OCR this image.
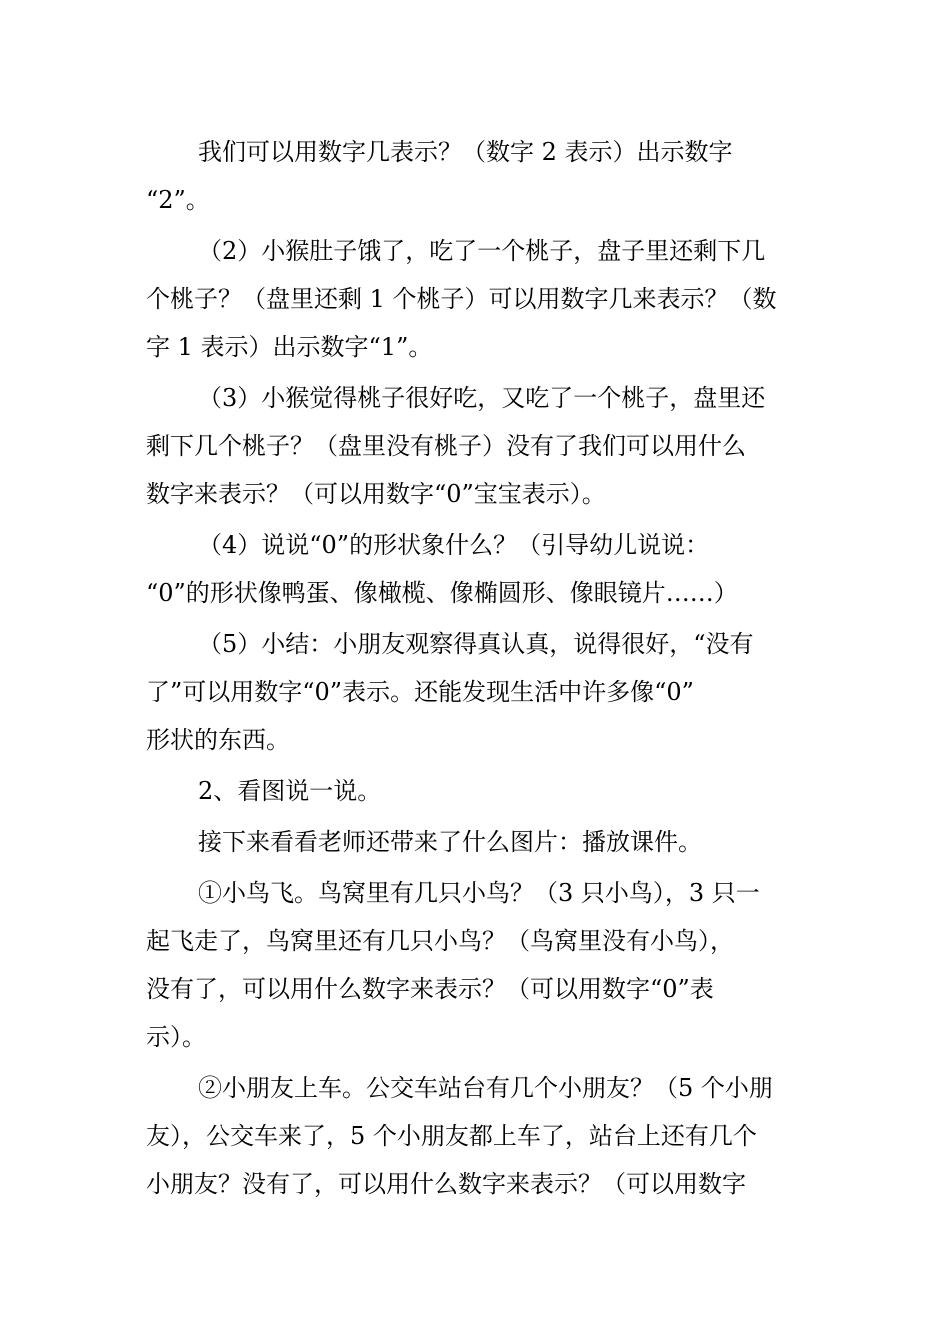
我们可以用数字几表示？（数字 2 表示）出示数字
“2”。

（2）小猴肚子饿了，吃了一个桃子，盘子里还剩下几
个桃子？（盘里还剩 1 个桃子）可以用数字几来表示？（数
字 1 表示）出示数字“1”。

（3）小猴觉得桃子很好吃，又吃了一个桃子，盘里还
剩下几个桃子？（盘里没有桃子）没有了我们可以用什么
数字来表示？（可以用数字“0”宝宝表示）。

（4）说说“0”的形状象什么？（引导幼儿说说：
“0”的形状像鸭蛋、像橄榄、像椭圆形、像眼镜片……）

（5）小结：小朋友观察得真认真，说得很好，“没有
了”可以用数字“0”表示。还能发现生活中许多像“0”
形状的东西。

2、看图说一说。

接下来看看老师还带来了什么图片：播放课件。

①小鸟飞。鸟窝里有几只小鸟？（3 只小鸟），3 只一
起飞走了，鸟窝里还有几只小鸟？（鸟窝里没有小鸟），
没有了，可以用什么数字来表示？（可以用数字“0”表
示）。

②小朋友上车。公交车站台有几个小朋友？（5 个小朋
友），公交车来了，5 个小朋友都上车了，站台上还有几个
小朋友？没有了，可以用什么数字来表示？（可以用数字
